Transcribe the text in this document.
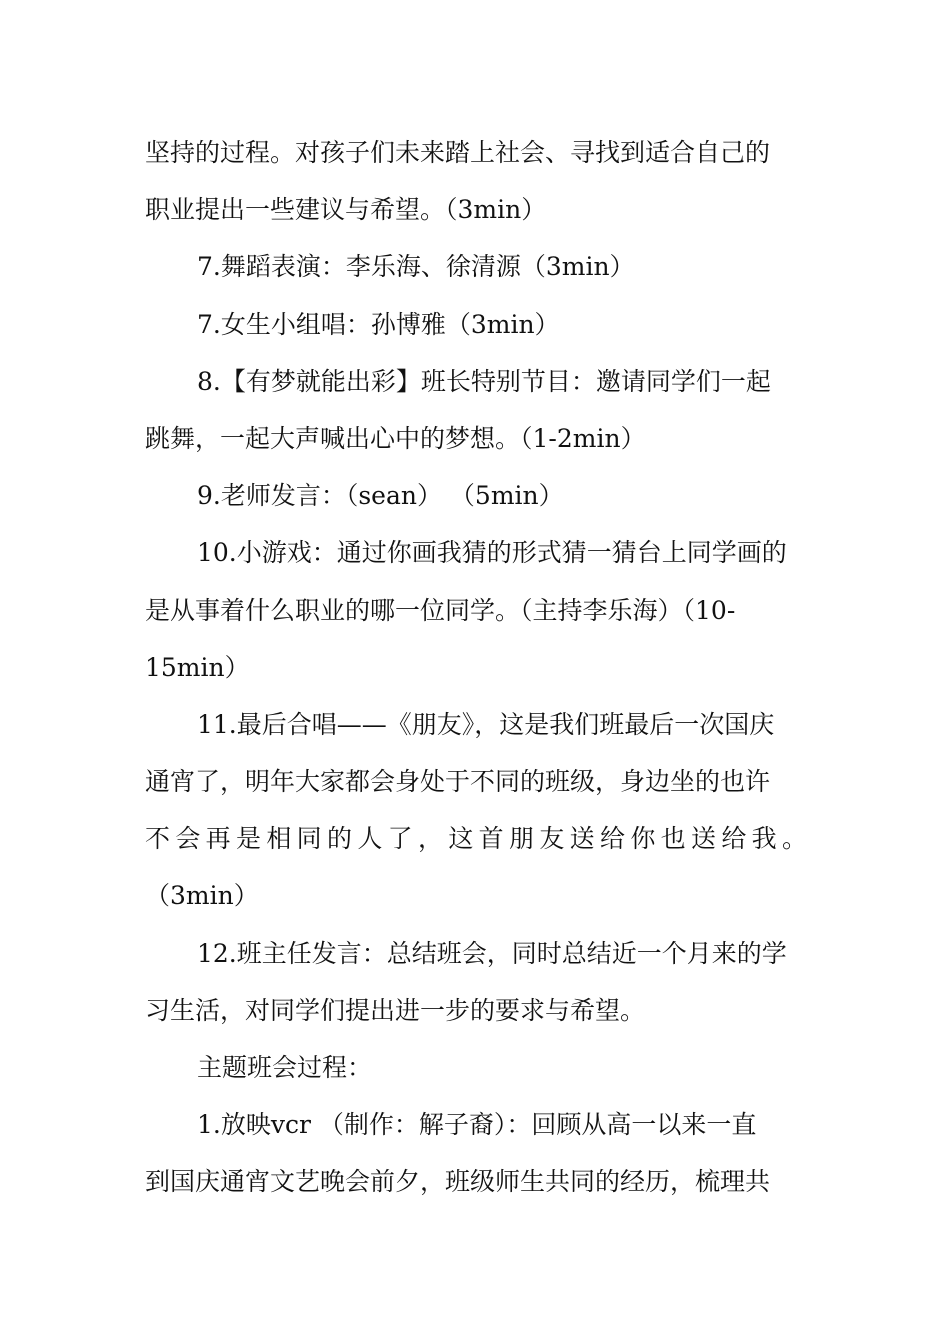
坚持的过程。对孩子们未来踏上社会、寻找到适合自己的
职业提出一些建议与希望。（3min）
7.舞蹈表演：李乐海、徐清源（3min）
7.女生小组唱：孙博雅（3min）
8.【有梦就能出彩】班长特别节目：邀请同学们一起
跳舞，一起大声喊出心中的梦想。（1-2min）
9.老师发言：（sean） （5min）
10.小游戏：通过你画我猜的形式猜一猜台上同学画的
是从事着什么职业的哪一位同学。（主持李乐海）（10-
15min）
11.最后合唱——《朋友》，这是我们班最后一次国庆
通宵了，明年大家都会身处于不同的班级，身边坐的也许
不会再是相同的人了，这首朋友送给你也送给我。
（3min）
12.班主任发言：总结班会，同时总结近一个月来的学
习生活，对同学们提出进一步的要求与希望。
主题班会过程：
1.放映vcr （制作：解子裔）：回顾从高一以来一直
到国庆通宵文艺晚会前夕，班级师生共同的经历，梳理共
